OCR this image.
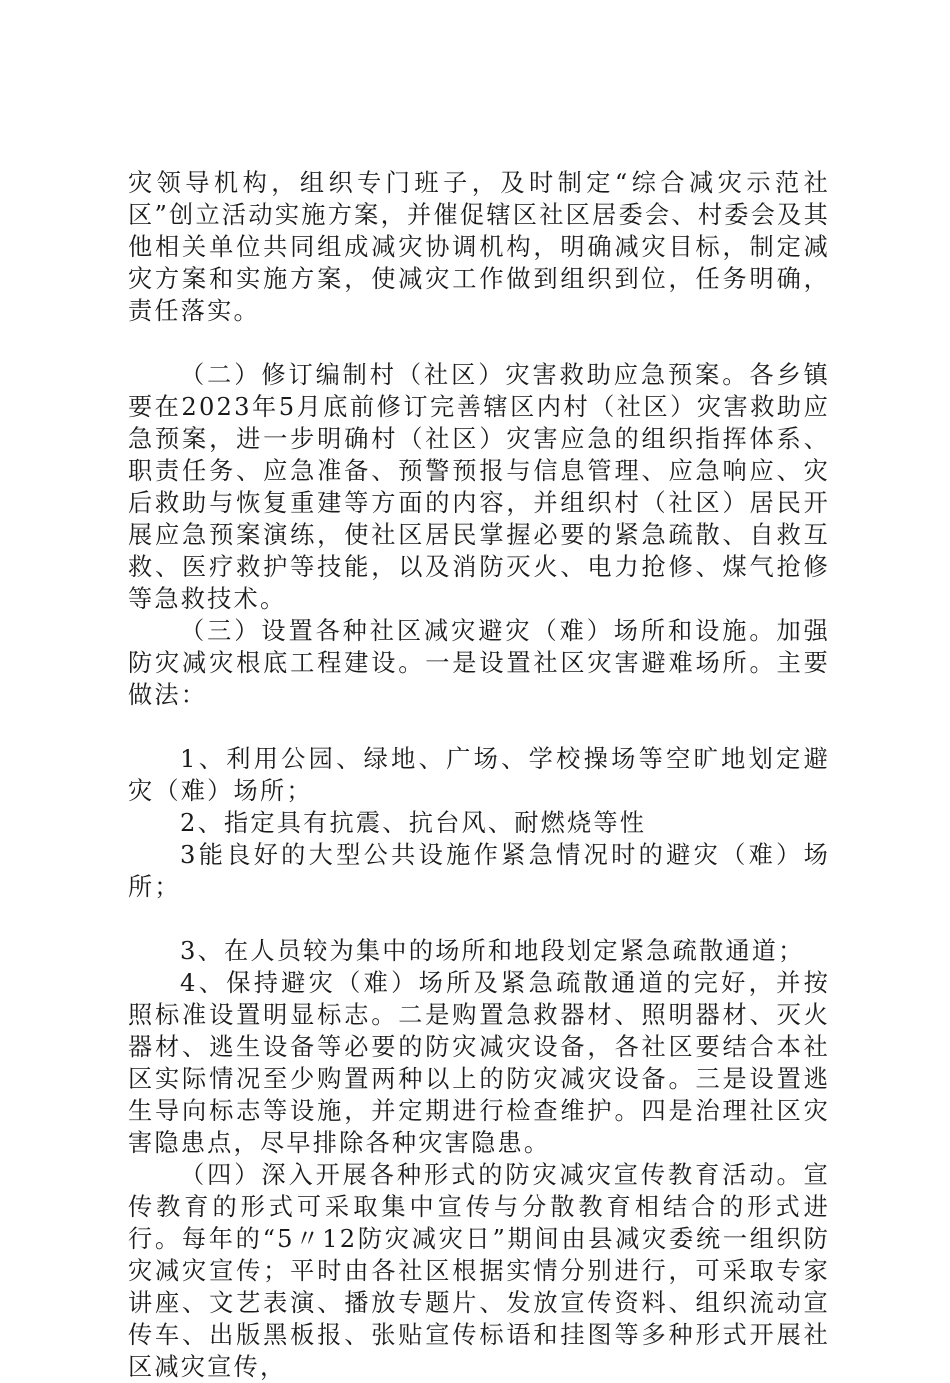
灾领导机构，组织专门班子，及时制定“综合减灾示范社区”创立活动实施方案，并催促辖区社区居委会、村委会及其他相关单位共同组成减灾协调机构，明确减灾目标，制定减灾方案和实施方案，使减灾工作做到组织到位，任务明确，责任落实。

（二）修订编制村（社区）灾害救助应急预案。各乡镇要在2023年5月底前修订完善辖区内村（社区）灾害救助应急预案，进一步明确村（社区）灾害应急的组织指挥体系、职责任务、应急准备、预警预报与信息管理、应急响应、灾后救助与恢复重建等方面的内容，并组织村（社区）居民开展应急预案演练，使社区居民掌握必要的紧急疏散、自救互救、医疗救护等技能，以及消防灭火、电力抢修、煤气抢修等急救技术。

（三）设置各种社区减灾避灾（难）场所和设施。加强防灾减灾根底工程建设。一是设置社区灾害避难场所。主要做法：

1、利用公园、绿地、广场、学校操场等空旷地划定避灾（难）场所；

2、指定具有抗震、抗台风、耐燃烧等性

3能良好的大型公共设施作紧急情况时的避灾（难）场所；

3、在人员较为集中的场所和地段划定紧急疏散通道；

4、保持避灾（难）场所及紧急疏散通道的完好，并按照标准设置明显标志。二是购置急救器材、照明器材、灭火器材、逃生设备等必要的防灾减灾设备，各社区要结合本社区实际情况至少购置两种以上的防灾减灾设备。三是设置逃生导向标志等设施，并定期进行检查维护。四是治理社区灾害隐患点，尽早排除各种灾害隐患。

（四）深入开展各种形式的防灾减灾宣传教育活动。宣传教育的形式可采取集中宣传与分散教育相结合的形式进行。每年的“5〃12防灾减灾日”期间由县减灾委统一组织防灾减灾宣传；平时由各社区根据实情分别进行，可采取专家讲座、文艺表演、播放专题片、发放宣传资料、组织流动宣传车、出版黑板报、张贴宣传标语和挂图等多种形式开展社区减灾宣传，
